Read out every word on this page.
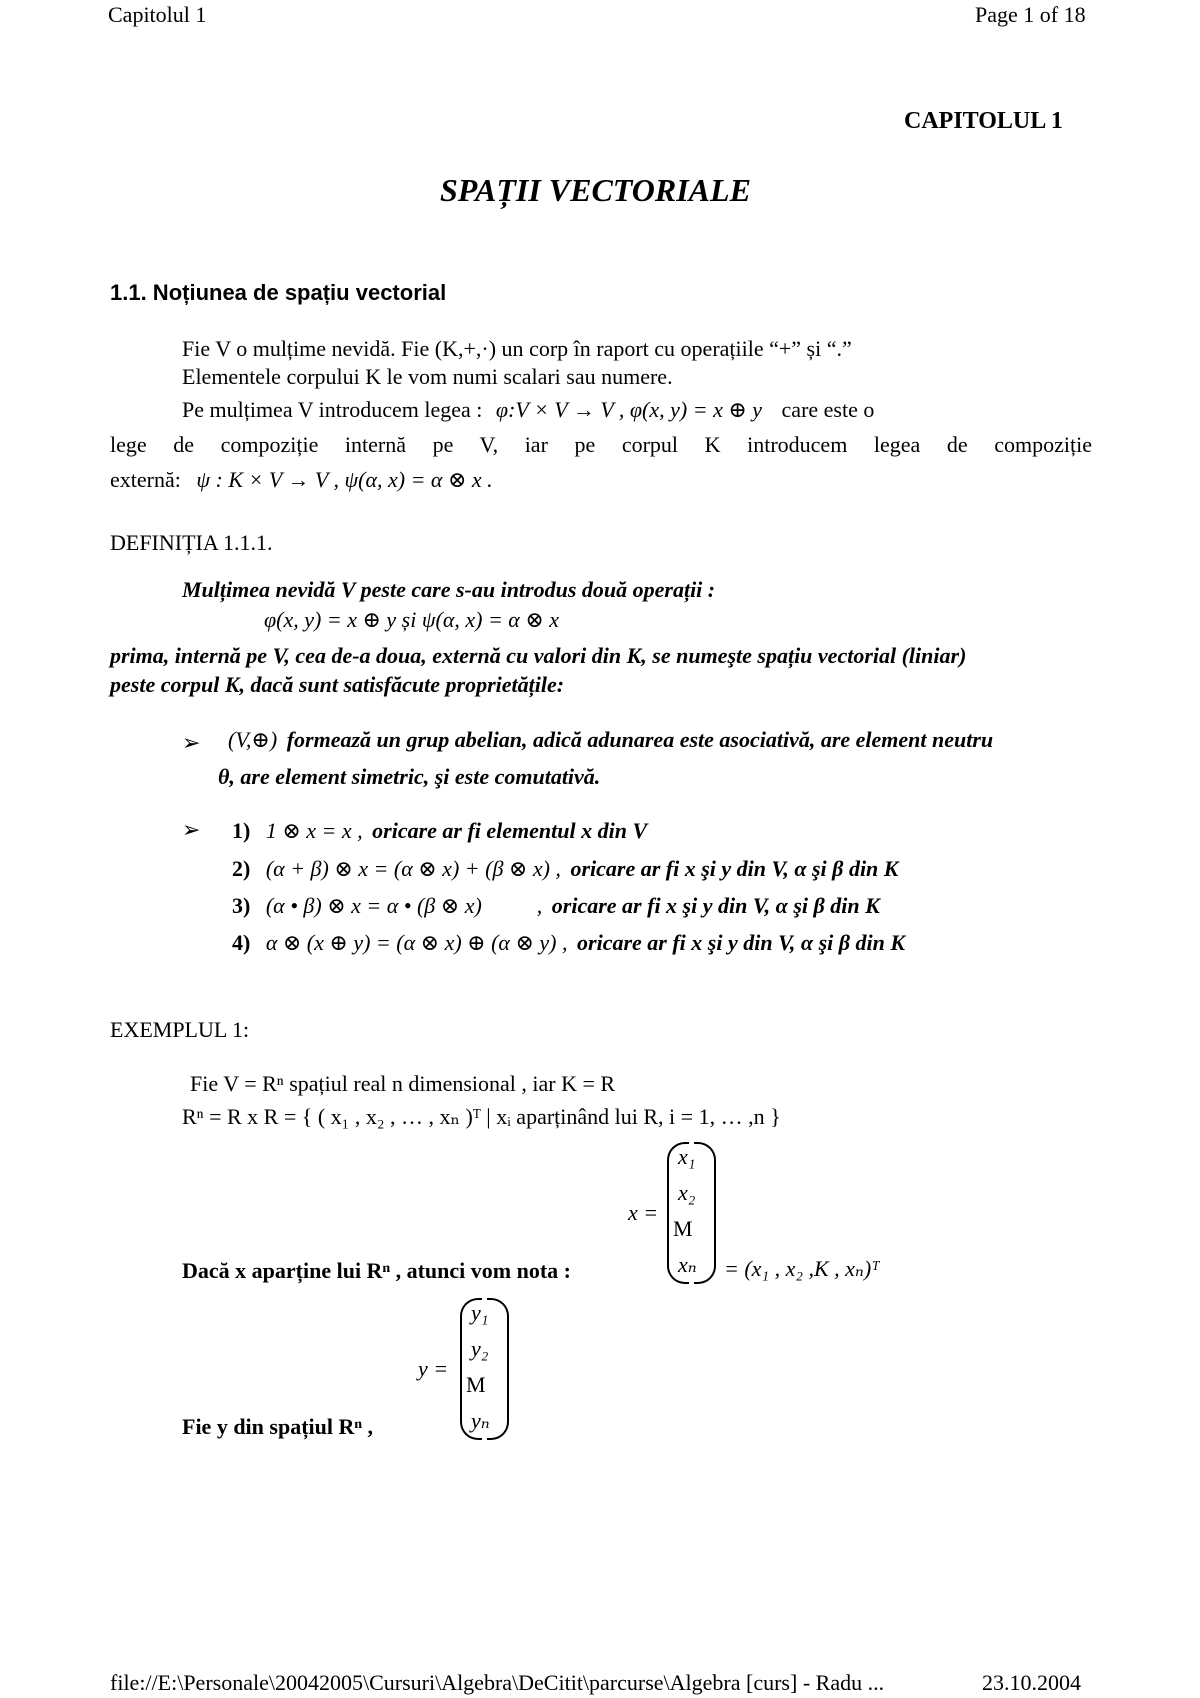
Capitolul 1	Page 1 of 18
CAPITOLUL 1
SPAȚII VECTORIALE
1.1. Noțiunea de spațiu vectorial
Fie V o mulțime nevidă. Fie (K,+,·) un corp în raport cu operațiile “+” și “.”
Elementele corpului K le vom numi scalari sau numere.
Pe mulțimea V introducem legea : φ:V × V → V , φ(x, y) = x ⊕ y care este o
lege de compoziție internă pe V, iar pe corpul K introducem legea de compoziție
externă: ψ : K × V → V , ψ(α, x) = α ⊗ x .
DEFINIȚIA 1.1.1.
Mulțimea nevidă V peste care s-au introdus două operații :
φ(x, y) = x ⊕ y și ψ(α, x) = α ⊗ x
prima, internă pe V, cea de-a doua, externă cu valori din K, se numeşte spațiu vectorial (liniar)
peste corpul K, dacă sunt satisfăcute proprietățile:
➢ (V,⊕) formează un grup abelian, adică adunarea este asociativă, are element neutru
θ, are element simetric, şi este comutativă.
➢ 1) 1 ⊗ x = x , oricare ar fi elementul x din V
2) (α + β) ⊗ x = (α ⊗ x) + (β ⊗ x) , oricare ar fi x şi y din V, α şi β din K
3) (α • β) ⊗ x = α • (β ⊗ x)          , oricare ar fi x şi y din V, α şi β din K
4) α ⊗ (x ⊕ y) = (α ⊗ x) ⊕ (α ⊗ y) , oricare ar fi x şi y din V, α şi β din K
EXEMPLUL 1:
Fie V = Rⁿ spațiul real n dimensional , iar K = R
Rⁿ = R x R = { ( x₁ , x₂ , … , xₙ )ᵀ | xᵢ aparținând lui R, i = 1, … ,n }
x =
x₁
x₂
M
xₙ = (x₁ , x₂ ,K , xₙ)ᵀ
Dacă x aparține lui Rⁿ , atunci vom nota :
y =
y₁
y₂
M
yₙ
Fie y din spațiul Rⁿ ,
file://E:\Personale\20042005\Cursuri\Algebra\DeCitit\parcurse\Algebra [curs] - Radu ...	23.10.2004
